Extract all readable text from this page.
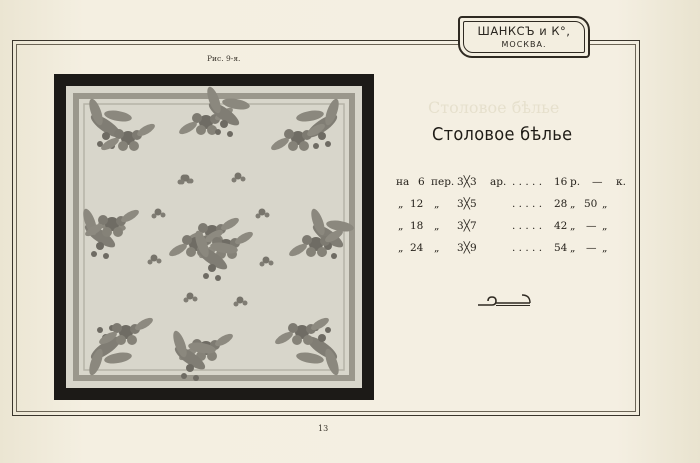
ШАНКСЪ и К°,
МОСКВА.
Рис. 9-я.
Столовое бѣлье
Столовое бѣлье
на 6 пер. 3╳3 ар. . . . . . 16 р. — к.
„ 12 „ 3╳5	. . . . . 28 „ 50 „
„ 18 „ 3╳7	. . . . . 42 „ — „
„ 24 „ 3╳9	. . . . . 54 „ — „
13
